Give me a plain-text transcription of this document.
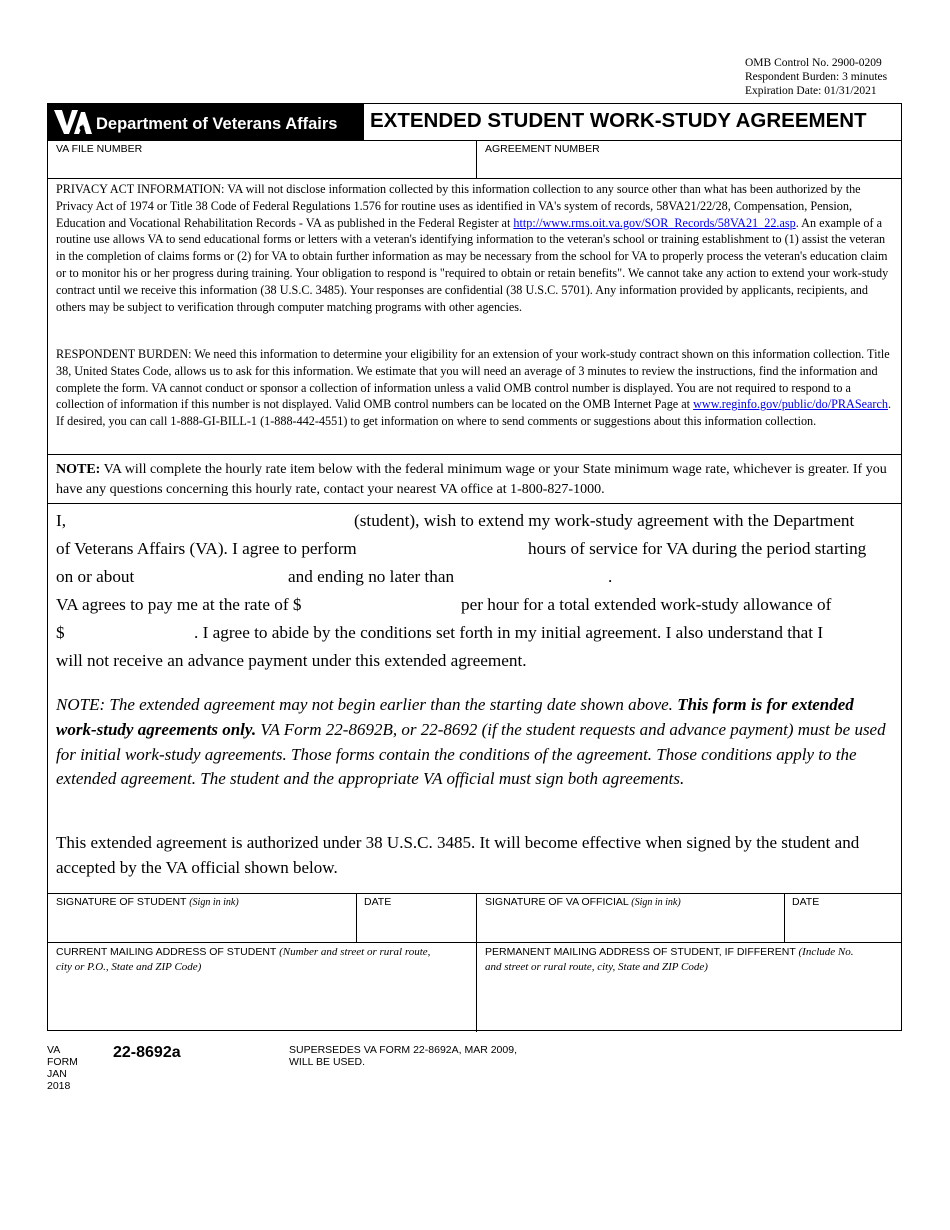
OMB Control No. 2900-0209
Respondent Burden: 3 minutes
Expiration Date: 01/31/2021
Department of Veterans Affairs EXTENDED STUDENT WORK-STUDY AGREEMENT
VA FILE NUMBER	AGREEMENT NUMBER

PRIVACY ACT INFORMATION: VA will not disclose information collected by this information collection to any source other than what has been authorized by the Privacy Act of 1974 or Title 38 Code of Federal Regulations 1.576 for routine uses as identified in VA's system of records, 58VA21/22/28, Compensation, Pension, Education and Vocational Rehabilitation Records - VA as published in the Federal Register at http://www.rms.oit.va.gov/SOR_Records/58VA21_22.asp. An example of a routine use allows VA to send educational forms or letters with a veteran's identifying information to the veteran's school or training establishment to (1) assist the veteran in the completion of claims forms or (2) for VA to obtain further information as may be necessary from the school for VA to properly process the veteran's education claim or to monitor his or her progress during training. Your obligation to respond is "required to obtain or retain benefits". We cannot take any action to extend your work-study contract until we receive this information (38 U.S.C. 3485). Your responses are confidential (38 U.S.C. 5701). Any information provided by applicants, recipients, and others may be subject to verification through computer matching programs with other agencies.

RESPONDENT BURDEN: We need this information to determine your eligibility for an extension of your work-study contract shown on this information collection. Title 38, United States Code, allows us to ask for this information. We estimate that you will need an average of 3 minutes to review the instructions, find the information and complete the form. VA cannot conduct or sponsor a collection of information unless a valid OMB control number is displayed. You are not required to respond to a collection of information if this number is not displayed. Valid OMB control numbers can be located on the OMB Internet Page at www.reginfo.gov/public/do/PRASearch. If desired, you can call 1-888-GI-BILL-1 (1-888-442-4551) to get information on where to send comments or suggestions about this information collection.

NOTE: VA will complete the hourly rate item below with the federal minimum wage or your State minimum wage rate, whichever is greater. If you have any questions concerning this hourly rate, contact your nearest VA office at 1-800-827-1000.
I,	(student), wish to extend my work-study agreement with the Department
of Veterans Affairs (VA). I agree to perform	hours of service for VA during the period starting
on or about	and ending no later than	.
VA agrees to pay me at the rate of $	per hour for a total extended work-study allowance of
$	. I agree to abide by the conditions set forth in my initial agreement. I also understand that I
will not receive an advance payment under this extended agreement.
NOTE: The extended agreement may not begin earlier than the starting date shown above. This form is for extended work-study agreements only. VA Form 22-8692B, or 22-8692 (if the student requests and advance payment) must be used for initial work-study agreements. Those forms contain the conditions of the agreement. Those conditions apply to the extended agreement. The student and the appropriate VA official must sign both agreements.
This extended agreement is authorized under 38 U.S.C. 3485. It will become effective when signed by the student and accepted by the VA official shown below.
SIGNATURE OF STUDENT (Sign in ink)	DATE	SIGNATURE OF VA OFFICIAL (Sign in ink)	DATE
CURRENT MAILING ADDRESS OF STUDENT (Number and street or rural route,
city or P.O., State and ZIP Code)
PERMANENT MAILING ADDRESS OF STUDENT, IF DIFFERENT (Include No.
and street or rural route, city, State and ZIP Code)
VA FORM
JAN 2018
22-8692a	SUPERSEDES VA FORM 22-8692A, MAR 2009,
WILL BE USED.
